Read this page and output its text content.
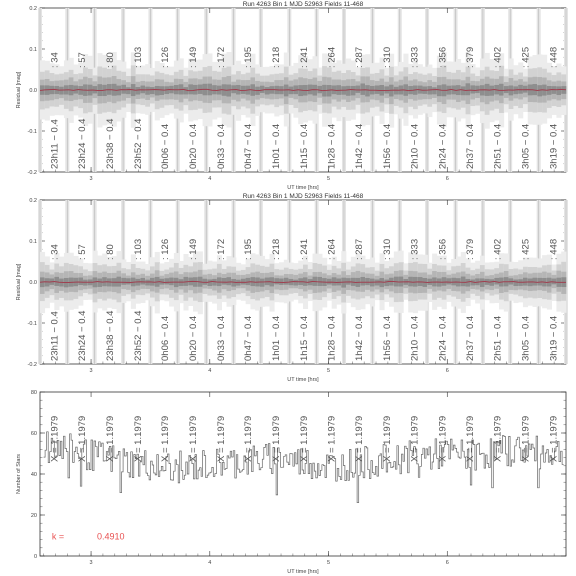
Run 4263 Bin 1 MJD 52963 Fields 11-468
-0.2
-0.1
0.0
0.1
0.2
3	4	5	6
UT time [hrs]
Residual [mag]
: 34
23h11 − 0.4
: 57
23h24 − 0.4
: 80
23h38 − 0.4
: 103
23h52 − 0.4
: 126
0h06 − 0.4
: 149
0h20 − 0.4
: 172
0h33 − 0.4
: 195
0h47 − 0.4
: 218
1h01 − 0.4
: 241
1h15 − 0.4
: 264
1h28 − 0.4
: 287
1h42 − 0.4
: 310
1h56 − 0.4
: 333
2h10 − 0.4
: 356
2h24 − 0.4
: 379
2h37 − 0.4
: 402
2h51 − 0.4
: 425
3h05 − 0.4
: 448
3h19 − 0.4
Run 4263 Bin 1 MJD 52963 Fields 11-468
-0.2
-0.1
0.0
0.1
0.2
3	4	5	6
UT time [hrs]
Residual [mag]
: 34
23h11 − 0.4
: 57
23h24 − 0.4
: 80
23h38 − 0.4
: 103
23h52 − 0.4
: 126
0h06 − 0.4
: 149
0h20 − 0.4
: 172
0h33 − 0.4
: 195
0h47 − 0.4
: 218
1h01 − 0.4
: 241
1h15 − 0.4
: 264
1h28 − 0.4
: 287
1h42 − 0.4
: 310
1h56 − 0.4
: 333
2h10 − 0.4
: 356
2h24 − 0.4
: 379
2h37 − 0.4
: 402
2h51 − 0.4
: 425
3h05 − 0.4
: 448
3h19 − 0.4
0
20
40
60
80
3	4	5	6
UT time [hrs]
Number of Stars
X = 1.1979 X = 1.1979 X = 1.1979 X = 1.1979 X = 1.1979 X = 1.1979 X = 1.1979 X = 1.1979 X = 1.1979 X = 1.1979 X = 1.1979 X = 1.1979 X = 1.1979 X = 1.1979 X = 1.1979 X = 1.1979 X = 1.1979 X = 1.1979 X = 1.1979
k =	0.4910
